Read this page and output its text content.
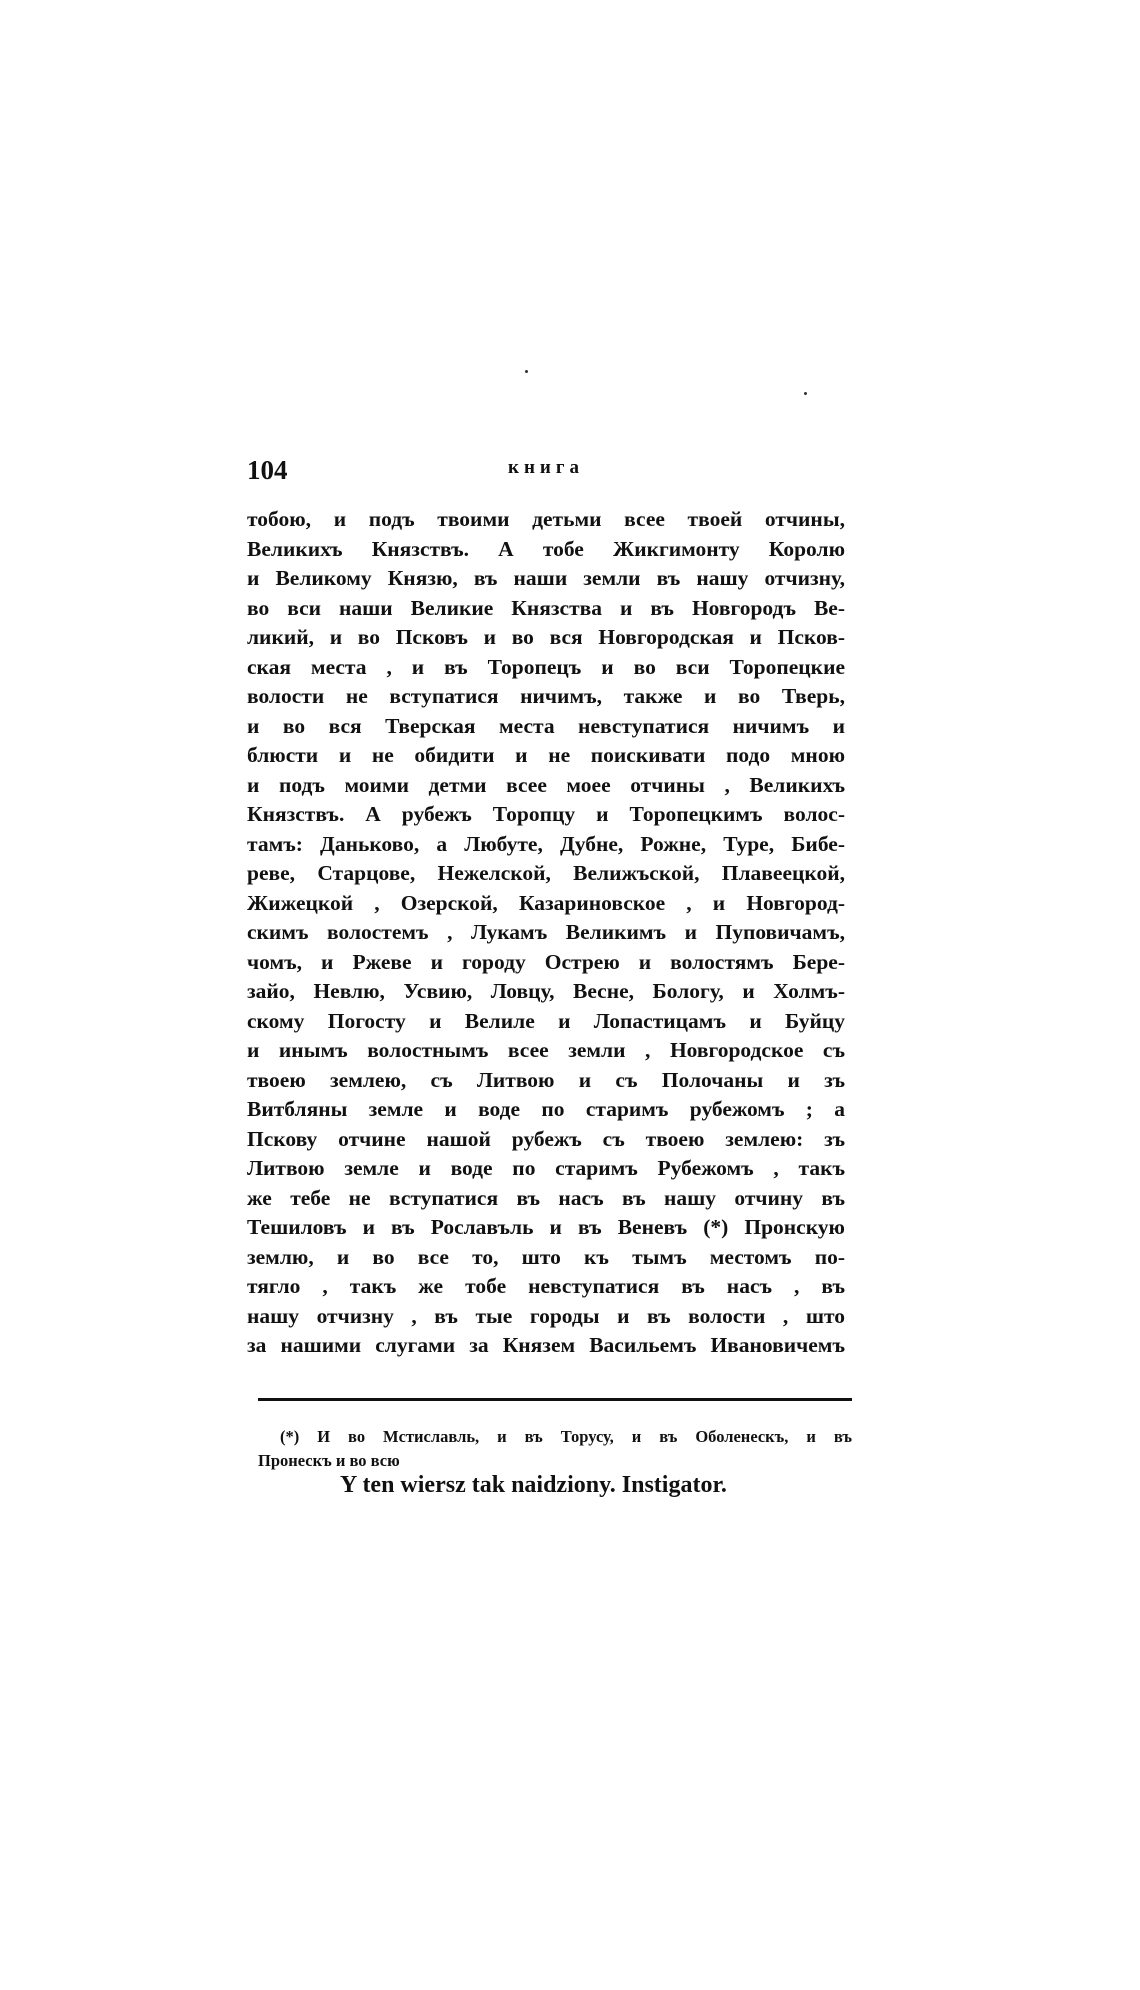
104	книга
тобою, и подъ твоими детьми всее твоей отчины,
Великихъ Князствъ. А тобе Жикгимонту Королю
и Великому Князю, въ наши земли въ нашу отчизну,
во вси наши Великие Князства и въ Новгородъ Ве-
ликий, и во Псковъ и во вся Новгородская и Псков-
ская места , и въ Торопецъ и во вси Торопецкие
волости не вступатися ничимъ, также и во Тверь,
и во вся Тверская места невступатися ничимъ и
блюсти и не обидити и не поискивати подо мною
и подъ моими детми всее моее отчины , Великихъ
Князствъ. А рубежъ Торопцу и Торопецкимъ волос-
тамъ: Даньково, а Любуте, Дубне, Рожне, Туре, Бибе-
реве, Старцове, Нежелской, Велижъской, Плавеецкой,
Жижецкой , Озерской, Казариновское , и Новгород-
скимъ волостемъ , Лукамъ Великимъ и Пуповичамъ,
чомъ, и Ржеве и городу Острею и волостямъ Бере-
зайо, Невлю, Усвию, Ловцу, Весне, Бологу, и Холмъ-
скому Погосту и Велиле и Лопастицамъ и Буйцу
и инымъ волостнымъ всее земли , Новгородское съ
твоею землею, съ Литвою и съ Полочаны и зъ
Витбляны земле и воде по старимъ рубежомъ ; а
Пскову отчине нашой рубежъ съ твоею землею: зъ
Литвою земле и воде по старимъ Рубежомъ , такъ
же тебе не вступатися въ насъ въ нашу отчину въ
Тешиловъ и въ Рославъль и въ Веневъ (*) Пронскую
землю, и во все то, што къ тымъ местомъ по-
тягло , такъ же тобе невступатися въ насъ , въ
нашу отчизну , въ тые городы и въ волости , што
за нашими слугами за Князем Васильемъ Ивановичемъ
(*) И во Мстиславль, и въ Торусу, и въ Оболенескъ, и въ
Пронескъ и во всю
Y ten wiersz tak naidziony. Instigator.
